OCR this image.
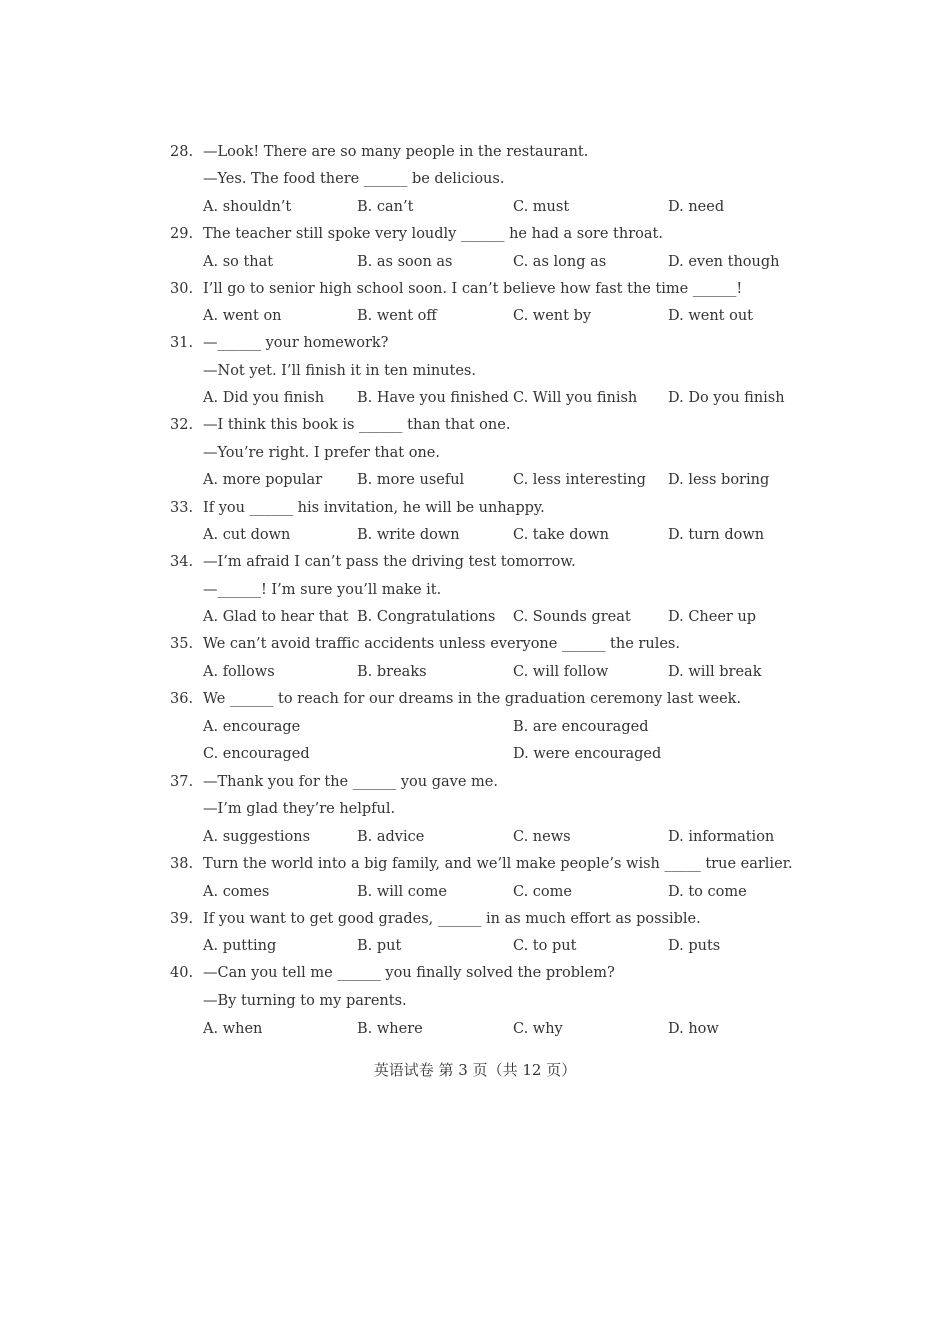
28. —Look! There are so many people in the restaurant.
—Yes. The food there ______ be delicious.
A. shouldn’t	B. can’t	C. must	D. need
29. The teacher still spoke very loudly ______ he had a sore throat.
A. so that	B. as soon as	C. as long as	D. even though
30. I’ll go to senior high school soon. I can’t believe how fast the time ______!
A. went on	B. went off	C. went by	D. went out
31. —______ your homework?
—Not yet. I’ll finish it in ten minutes.
A. Did you finish B. Have you finished C. Will you finish D. Do you finish
32. —I think this book is ______ than that one.
—You’re right. I prefer that one.
A. more popular B. more useful	C. less interesting D. less boring
33. If you ______ his invitation, he will be unhappy.
A. cut down	B. write down	C. take down	D. turn down
34. —I’m afraid I can’t pass the driving test tomorrow.
—______! I’m sure you’ll make it.
A. Glad to hear that B. Congratulations C. Sounds great	D. Cheer up
35. We can’t avoid traffic accidents unless everyone ______ the rules.
A. follows	B. breaks	C. will follow	D. will break
36. We ______ to reach for our dreams in the graduation ceremony last week.
A. encourage	B. are encouraged
C. encouraged	D. were encouraged
37. —Thank you for the ______ you gave me.
—I’m glad they’re helpful.
A. suggestions	B. advice	C. news	D. information
38. Turn the world into a big family, and we’ll make people’s wish _____ true earlier.
A. comes	B. will come	C. come	D. to come
39. If you want to get good grades, ______ in as much effort as possible.
A. putting	B. put	C. to put	D. puts
40. —Can you tell me ______ you finally solved the problem?
—By turning to my parents.
A. when	B. where	C. why	D. how
英语试卷 第 3 页（共 12 页）
